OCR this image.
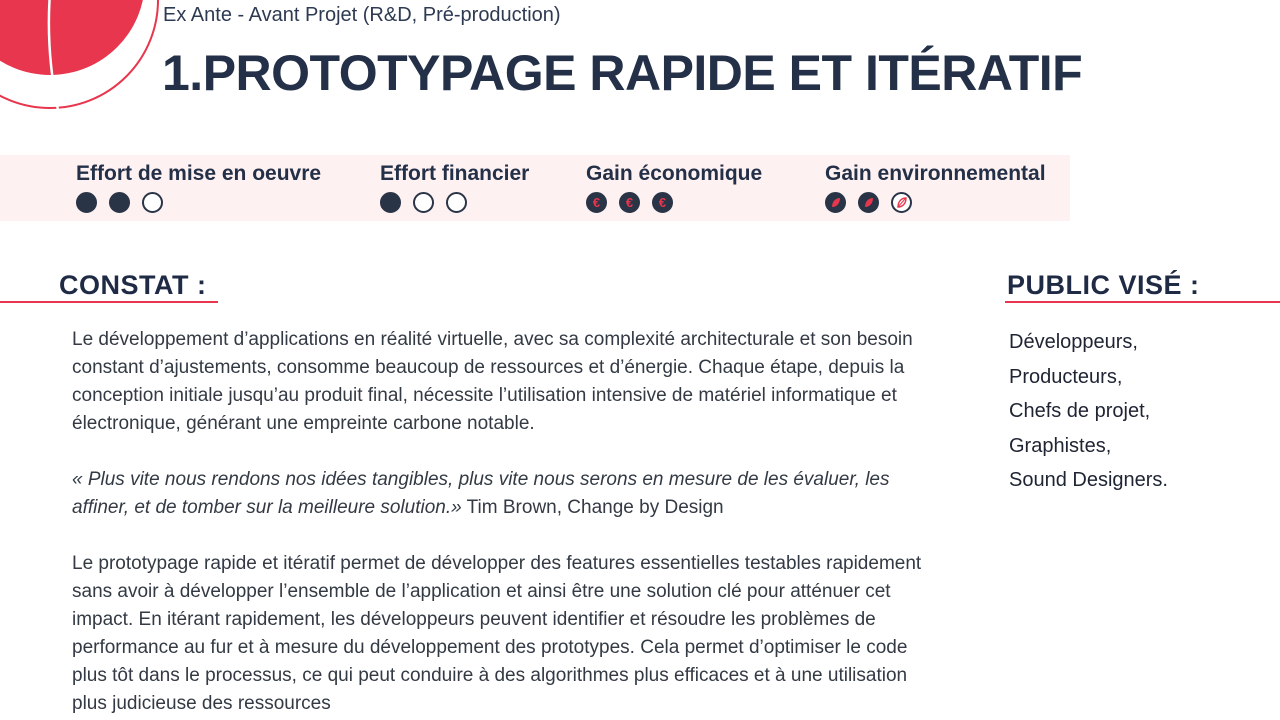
Ex Ante - Avant Projet (R&D, Pré-production)
1.PROTOTYPAGE RAPIDE ET ITÉRATIF
Effort de mise en oeuvre	Effort financier	Gain économique
€ € €
Gain environnemental
CONSTAT :

Le développement d’applications en réalité virtuelle, avec sa complexité architecturale et son besoin constant d’ajustements, consomme beaucoup de ressources et d’énergie. Chaque étape, depuis la conception initiale jusqu’au produit final, nécessite l’utilisation intensive de matériel informatique et électronique, générant une empreinte carbone notable.

« Plus vite nous rendons nos idées tangibles, plus vite nous serons en mesure de les évaluer, les affiner, et de tomber sur la meilleure solution.» Tim Brown, Change by Design

Le prototypage rapide et itératif permet de développer des features essentielles testables rapidement sans avoir à développer l’ensemble de l’application et ainsi être une solution clé pour atténuer cet impact. En itérant rapidement, les développeurs peuvent identifier et résoudre les problèmes de performance au fur et à mesure du développement des prototypes. Cela permet d’optimiser le code plus tôt dans le processus, ce qui peut conduire à des algorithmes plus efficaces et à une utilisation plus judicieuse des ressources

PUBLIC VISÉ :
Développeurs,
Producteurs,
Chefs de projet,
Graphistes,
Sound Designers.
